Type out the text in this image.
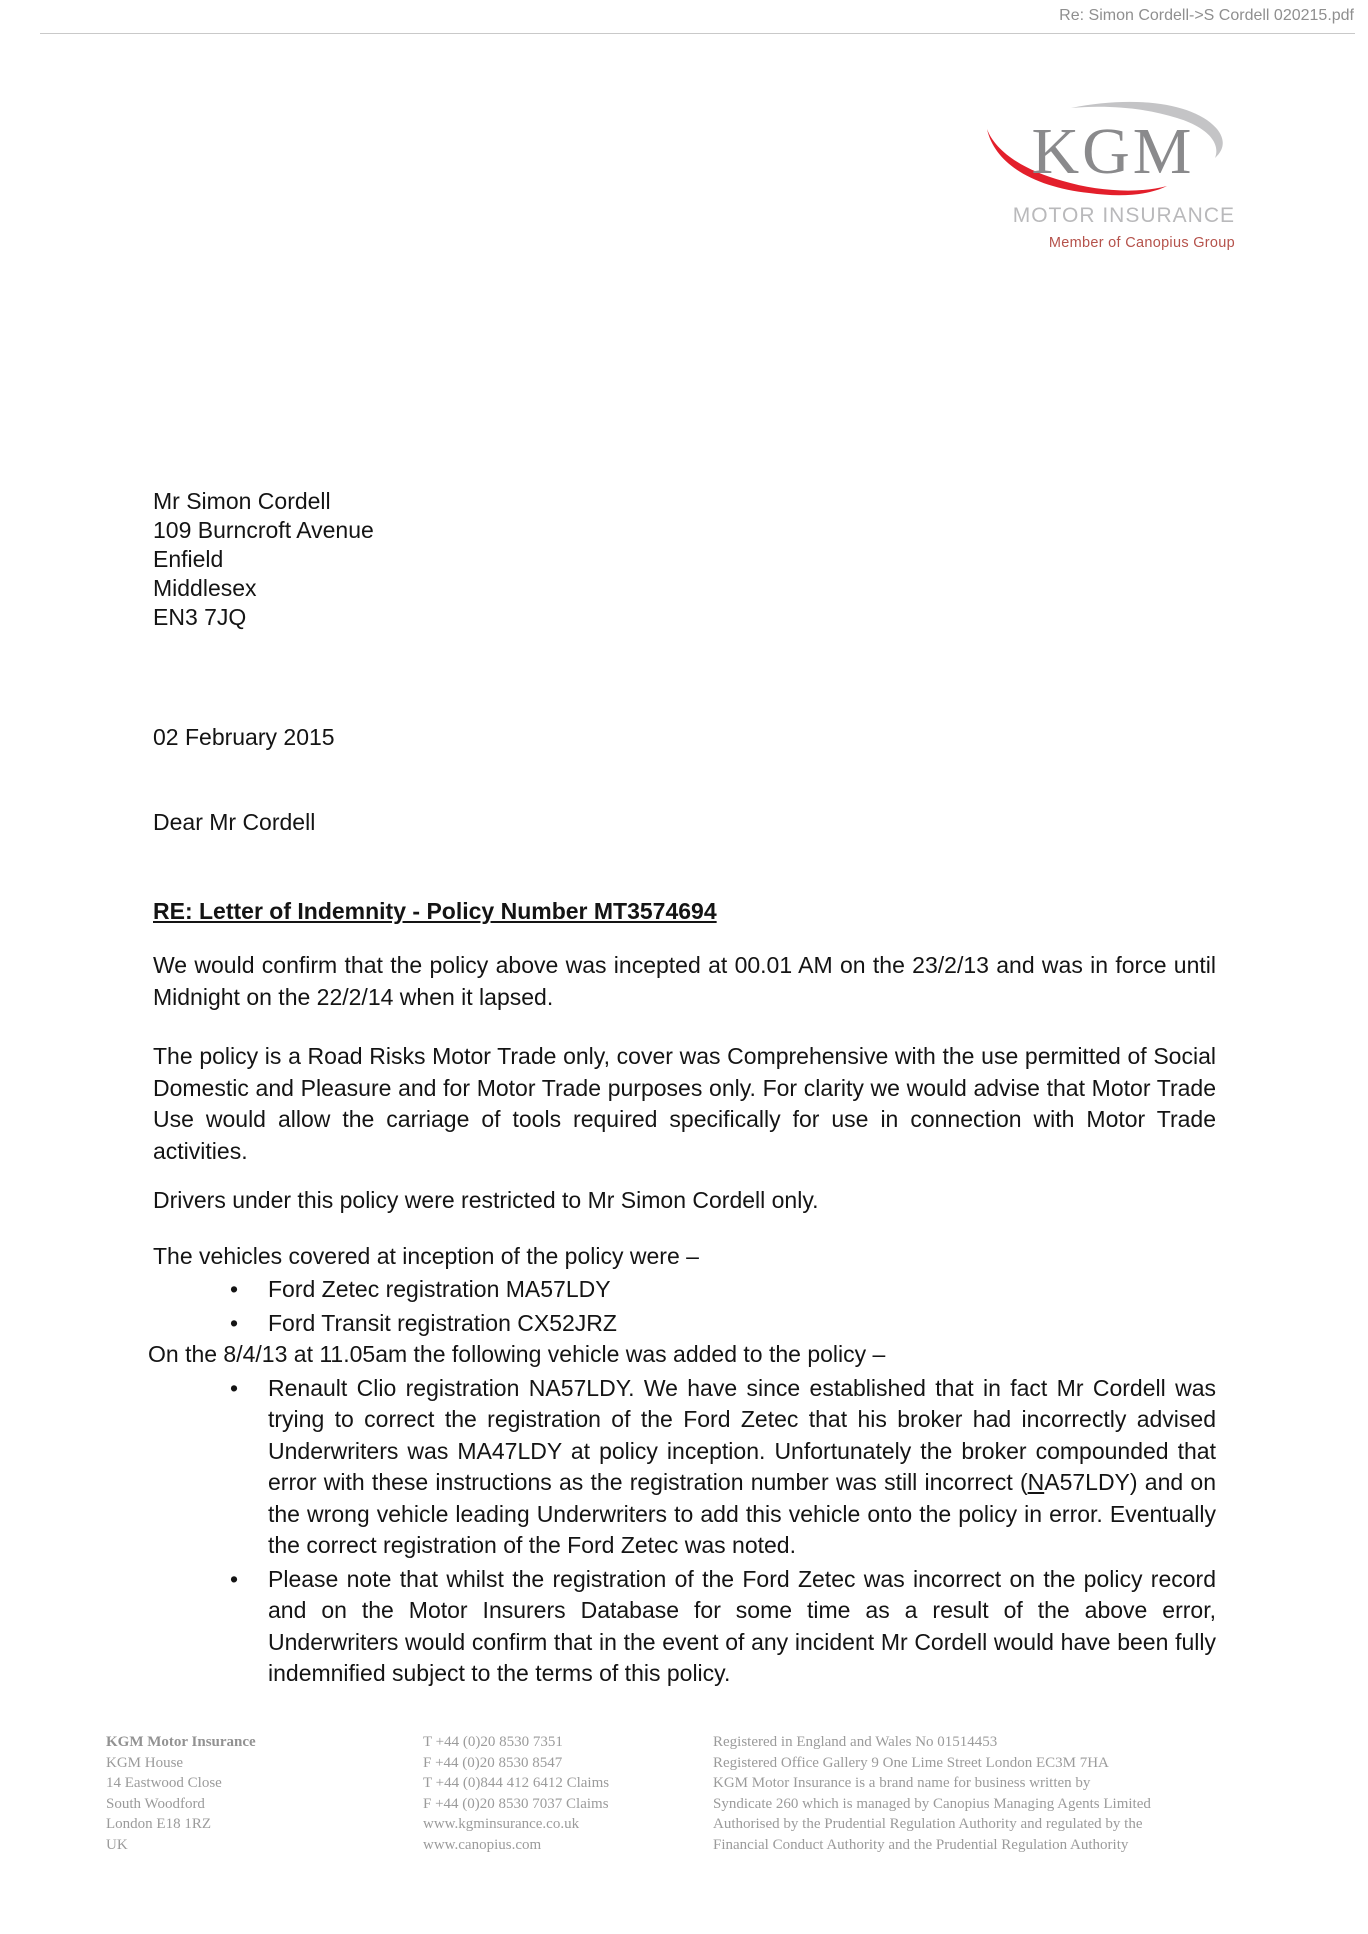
Re: Simon Cordell->S Cordell 020215.pdf
KGM
MOTOR INSURANCE
Member of Canopius Group
Mr Simon Cordell
109 Burncroft Avenue
Enfield
Middlesex
EN3 7JQ
02 February 2015
Dear Mr Cordell
RE: Letter of Indemnity - Policy Number MT3574694
We would confirm that the policy above was incepted at 00.01 AM on the 23/2/13 and was in force until Midnight on the 22/2/14 when it lapsed.
The policy is a Road Risks Motor Trade only, cover was Comprehensive with the use permitted of Social Domestic and Pleasure and for Motor Trade purposes only. For clarity we would advise that Motor Trade Use would allow the carriage of tools required specifically for use in connection with Motor Trade activities.
Drivers under this policy were restricted to Mr Simon Cordell only.
The vehicles covered at inception of the policy were –
•	Ford Zetec registration MA57LDY
•	Ford Transit registration CX52JRZ
On the 8/4/13 at 11.05am the following vehicle was added to the policy –
•	Renault Clio registration NA57LDY. We have since established that in fact Mr Cordell was trying to correct the registration of the Ford Zetec that his broker had incorrectly advised Underwriters was MA47LDY at policy inception. Unfortunately the broker compounded that error with these instructions as the registration number was still incorrect (NA57LDY) and on the wrong vehicle leading Underwriters to add this vehicle onto the policy in error. Eventually the correct registration of the Ford Zetec was noted.
•	Please note that whilst the registration of the Ford Zetec was incorrect on the policy record and on the Motor Insurers Database for some time as a result of the above error, Underwriters would confirm that in the event of any incident Mr Cordell would have been fully indemnified subject to the terms of this policy.
KGM Motor Insurance
KGM House
14 Eastwood Close
South Woodford
London E18 1RZ
UK
T +44 (0)20 8530 7351
F +44 (0)20 8530 8547
T +44 (0)844 412 6412 Claims
F +44 (0)20 8530 7037 Claims
www.kgminsurance.co.uk
www.canopius.com
Registered in England and Wales No 01514453
Registered Office Gallery 9 One Lime Street London EC3M 7HA
KGM Motor Insurance is a brand name for business written by
Syndicate 260 which is managed by Canopius Managing Agents Limited
Authorised by the Prudential Regulation Authority and regulated by the
Financial Conduct Authority and the Prudential Regulation Authority
